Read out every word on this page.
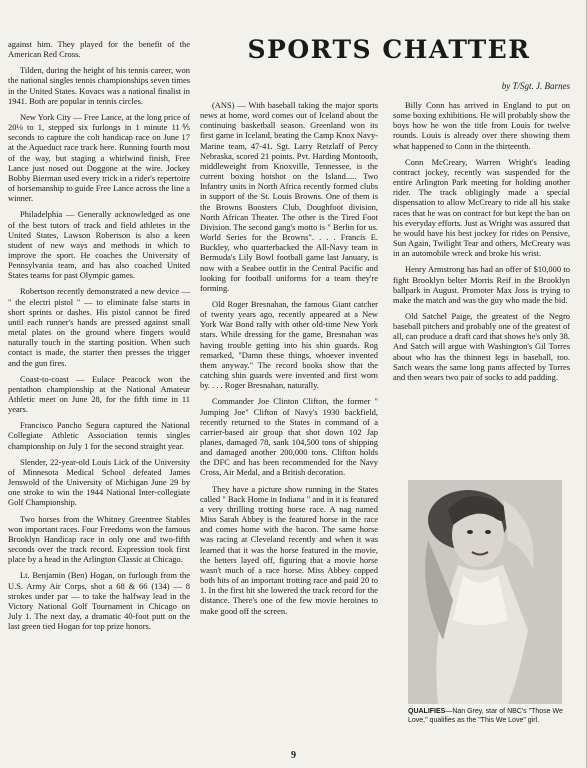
against him. They played for the benefit of the American Red Cross.

Tilden, during the height of his tennis career, won the national singles tennis championships seven times in the United States. Kovacs was a national finalist in 1941. Both are popular in tennis circles.

New York City — Free Lance, at the long price of 20⅛ to 1, stepped six furlongs in 1 minute 11⅘ seconds to capture the colt handicap race on June 17 at the Aqueduct race track here. Running fourth most of the way, but staging a whirlwind finish, Free Lance just nosed out Doggone at the wire. Jockey Bobby Bierman used every trick in a rider's repertoire of horsemanship to guide Free Lance across the line a winner.

Philadelphia — Generally acknowledged as one of the best tutors of track and field athletes in the United States, Lawson Robertson is also a keen student of new ways and methods in which to improve the sport. He coaches the University of Pennsylvania team, and has also coached United States teams for past Olympic games.

Robertson recently demonstrated a new device — " the electri pistol " — to eliminate false starts in short sprints or dashes. His pistol cannot be fired until each runner's hands are pressed against small metal plates on the ground where fingers would naturally touch in the starting position. When such contact is made, the starter then presses the trigger and the gun fires.

Coast-to-coast — Eulace Peacock won the pentathon championship at the National Amateur Athletic meet on June 28, for the fifth time in 11 years.

Francisco Pancho Segura captured the National Collegiate Athletic Association tennis singles championship on July 1 for the second straight year.

Slender, 22-year-old Louis Lick of the University of Minnesota Medical School defeated James Jenswold of the University of Michigan June 29 by one stroke to win the 1944 National Inter-collegiate Golf Championship.

Two horses from the Whitney Greentree Stables won important races. Four Freedoms won the famous Brooklyn Handicap race in only one and two-fifth seconds over the track record. Expression took first place by a head in the Arlington Classic at Chicago.

Lt. Benjamin (Ben) Hogan, on furlough from the U.S. Army Air Corps, shot a 68 & 66 (134) — 8 strokes under par — to take the halfway lead in the Victory National Golf Tournament in Chicago on July 1. The next day, a dramatic 40-foot putt on the last green tied Hogan for top prize honors.

SPORTS CHATTER
by T/Sgt. J. Barnes

(ANS) — With baseball taking the major sports news at home, word comes out of Iceland about the continuing basketball season. Greenland won its first game in Iceland, beating the Camp Knox Navy-Marine team, 47-41. Sgt. Larry Retzlaff of Percy Nebraska, scored 21 points. Pvt. Harding Montooth, middleweight from Knoxville, Tennessee, is the current boxing hotshot on the Island..... Two Infantry units in North Africa recently formed clubs in support of the St. Louis Browns. One of them is the Browns Boosters Club, Doughfoot division, North African Theater. The other is the Tired Foot Division. The second gang's motto is " Berlin for us. World Series for the Browns". . . . Francis E. Buckley, who quarterbacked the All-Navy team in Bermuda's Lily Bowl football game last January, is now with a Seabee outfit in the Central Pacific and looking for football uniforms for a team they're forming.

Old Roger Bresnahan, the famous Giant catcher of twenty years ago, recently appeared at a New York War Bond rally with other old-time New York stars. While dressing for the game, Bresnahan was having trouble getting into his shin guards. Rog remarked, "Damn these things, whoever invented them anyway." The record books show that the catching shin guards were invented and first worn by. . . . Roger Bresnahan, naturally.

Commander Joe Clinton Clifton, the former " Jumping Joe" Clifton of Navy's 1930 backfield, recently returned to the States in command of a carrier-based air group that shot down 102 Jap planes, damaged 78, sank 104,500 tons of shipping and damaged another 200,000 tons. Clifton holds the DFC and has been recommended for the Navy Cross, Air Medal, and a British decoration.

They have a picture show running in the States called " Back Home in Indiana " and in it is featured a very thrilling trotting horse race. A nag named Miss Sarah Abbey is the featured horse in the race and comes home with the bacon. The same horse was racing at Cleveland recently and when it was learned that it was the horse featured in the movie, the betters layed off, figuring that a movie horse wasn't much of a race horse. Miss Abbey copped both hits of an important trotting race and paid 20 to 1. In the first hit she lowered the track record for the distance. There's one of the few movie heroines to make good off the screen.

Billy Conn has arrived in England to put on some boxing exhibitions. He will probably show the boys how he won the title from Louis for twelve rounds. Louis is already over there showing them what happened to Conn in the thirteenth.

Conn McCreary, Warren Wright's leading contract jockey, recently was suspended for the entire Arlington Park meeting for holding another rider. The track obligingly made a special dispensation to allow McCreary to ride all his stake races that he was on contract for but kept the ban on his everyday efforts. Just as Wright was assured that he would have his best jockey for rides on Pensive, Sun Again, Twilight Tear and others, McCreary was in an automobile wreck and broke his wrist.

Henry Armstrong has had an offer of $10,000 to fight Brooklyn belter Morris Reif in the Brooklyn ballpark in August. Promoter Max Joss is trying to make the match and was the guy who made the bid.

Old Satchel Paige, the greatest of the Negro baseball pitchers and probably one of the greatest of all, can produce a draft card that shows he's only 38. And Satch will argue with Washington's Gil Torres about who has the thinnest legs in baseball, too. Satch wears the same long pants affected by Torres and then wears two pair of socks to add padding.

QUALIFIES—Nan Grey, star of NBC's "Those We Love," qualifies as the "This We Love" girl.
9
